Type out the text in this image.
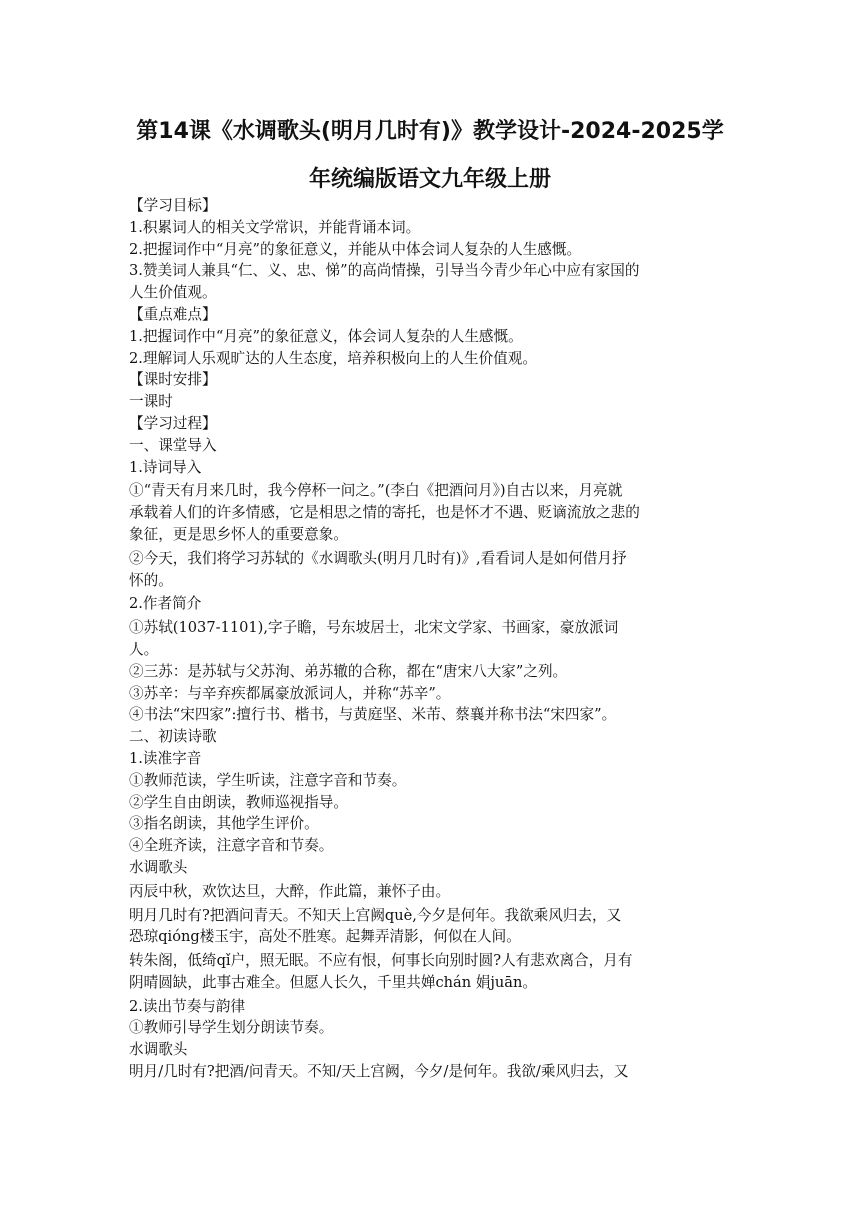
第14课《水调歌头(明月几时有)》教学设计-2024-2025学
年统编版语文九年级上册
【学习目标】
1.积累词人的相关文学常识，并能背诵本词。
2.把握词作中“月亮”的象征意义，并能从中体会词人复杂的人生感慨。
3.赞美词人兼具“仁、义、忠、悌”的高尚情操，引导当今青少年心中应有家国的
人生价值观。
【重点难点】
1.把握词作中“月亮”的象征意义，体会词人复杂的人生感慨。
2.理解词人乐观旷达的人生态度，培养积极向上的人生价值观。
【课时安排】
一课时
【学习过程】
一、课堂导入
1.诗词导入
①“青天有月来几时，我今停杯一问之。”(李白《把酒问月》)自古以来，月亮就
承载着人们的许多情感，它是相思之情的寄托，也是怀才不遇、贬谪流放之悲的
象征，更是思乡怀人的重要意象。
②今天，我们将学习苏轼的《水调歌头(明月几时有)》,看看词人是如何借月抒
怀的。
2.作者简介
①苏轼(1037-1101),字子瞻，号东坡居士，北宋文学家、书画家，豪放派词
人。
②三苏：是苏轼与父苏洵、弟苏辙的合称，都在“唐宋八大家”之列。
③苏辛：与辛弃疾都属豪放派词人，并称“苏辛”。
④书法“宋四家”:擅行书、楷书，与黄庭坚、米芾、蔡襄并称书法“宋四家”。
二、初读诗歌
1.读准字音
①教师范读，学生听读，注意字音和节奏。
②学生自由朗读，教师巡视指导。
③指名朗读，其他学生评价。
④全班齐读，注意字音和节奏。
水调歌头
丙辰中秋，欢饮达旦，大醉，作此篇，兼怀子由。
明月几时有?把酒问青天。不知天上宫阙què,今夕是何年。我欲乘风归去，又
恐琼qióng楼玉宇，高处不胜寒。起舞弄清影，何似在人间。
转朱阁，低绮qǐ户，照无眠。不应有恨，何事长向别时圆?人有悲欢离合，月有
阴晴圆缺，此事古难全。但愿人长久，千里共婵chán 娟juān。
2.读出节奏与韵律
①教师引导学生划分朗读节奏。
水调歌头
明月/几时有?把酒/问青天。不知/天上宫阙，今夕/是何年。我欲/乘风归去，又
